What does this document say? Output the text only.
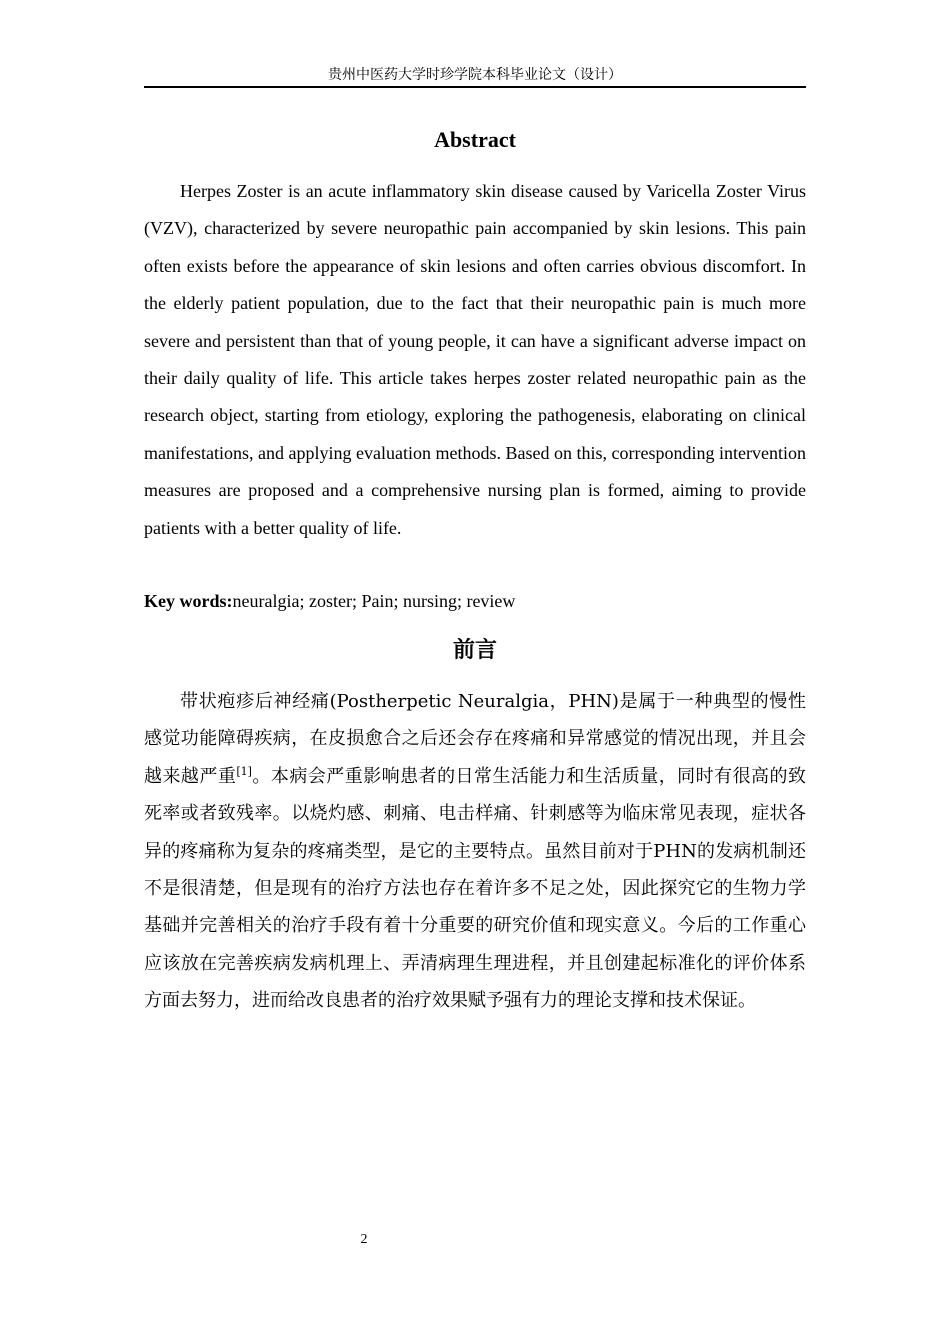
贵州中医药大学时珍学院本科毕业论文（设计）
Abstract

Herpes Zoster is an acute inflammatory skin disease caused by Varicella Zoster Virus (VZV), characterized by severe neuropathic pain accompanied by skin lesions. This pain often exists before the appearance of skin lesions and often carries obvious discomfort. In the elderly patient population, due to the fact that their neuropathic pain is much more severe and persistent than that of young people, it can have a significant adverse impact on their daily quality of life. This article takes herpes zoster related neuropathic pain as the research object, starting from etiology, exploring the pathogenesis, elaborating on clinical manifestations, and applying evaluation methods. Based on this, corresponding intervention measures are proposed and a comprehensive nursing plan is formed, aiming to provide patients with a better quality of life.

Key words:neuralgia; zoster; Pain; nursing; review
前言

带状疱疹后神经痛(Postherpetic Neuralgia，PHN)是属于一种典型的慢性感觉功能障碍疾病，在皮损愈合之后还会存在疼痛和异常感觉的情况出现，并且会越来越严重[1]。本病会严重影响患者的日常生活能力和生活质量，同时有很高的致死率或者致残率。以烧灼感、刺痛、电击样痛、针刺感等为临床常见表现，症状各异的疼痛称为复杂的疼痛类型，是它的主要特点。虽然目前对于PHN的发病机制还不是很清楚，但是现有的治疗方法也存在着许多不足之处，因此探究它的生物力学基础并完善相关的治疗手段有着十分重要的研究价值和现实意义。今后的工作重心应该放在完善疾病发病机理上、弄清病理生理进程，并且创建起标准化的评价体系方面去努力，进而给改良患者的治疗效果赋予强有力的理论支撑和技术保证。

2
